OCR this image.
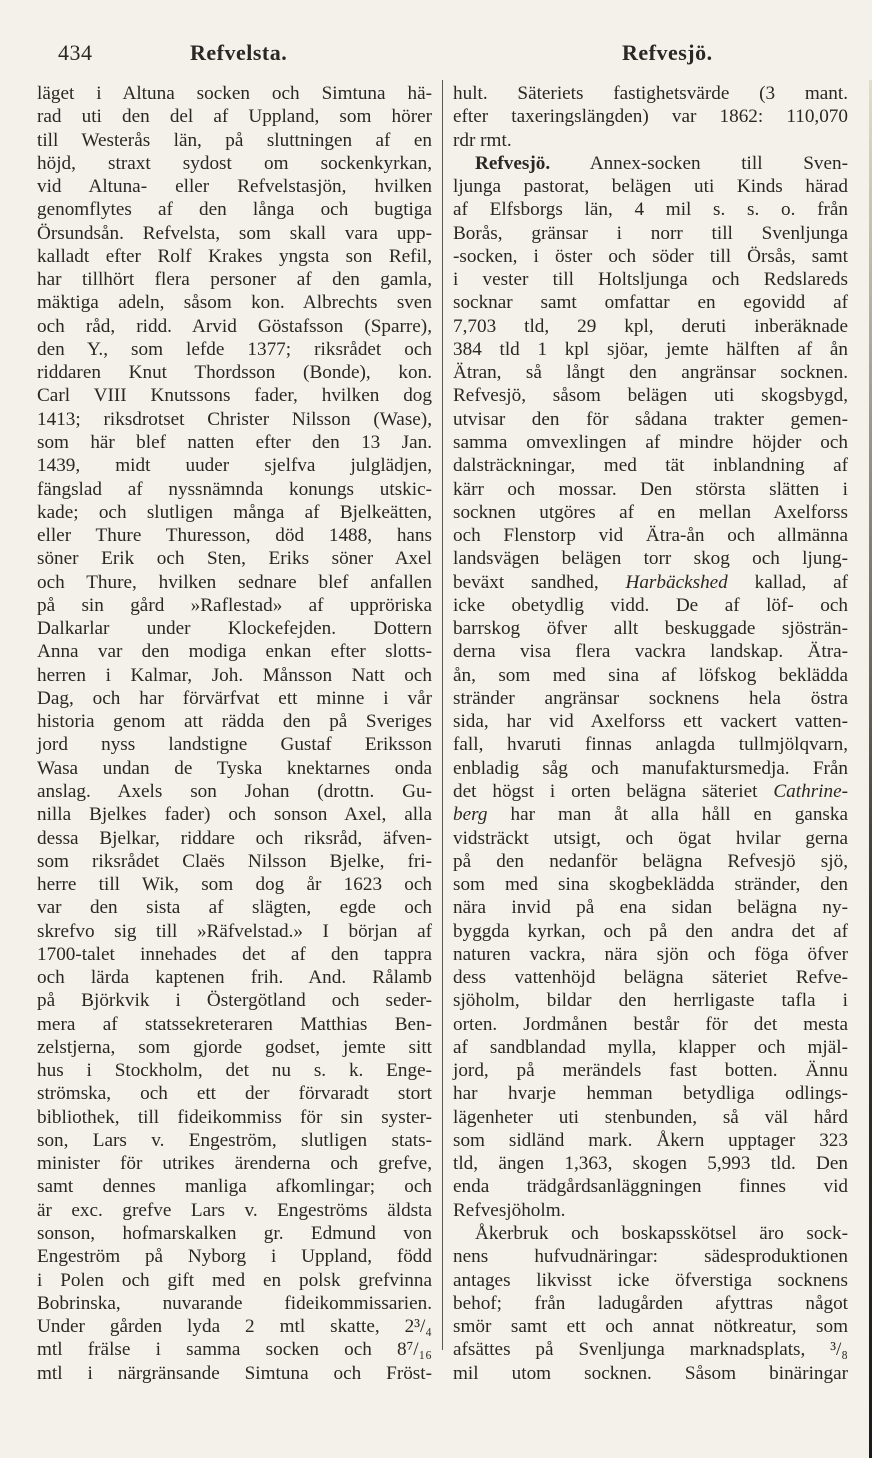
434	Refvelsta.	Refvesjö.
läget i Altuna socken och Simtuna hä-
rad uti den del af Uppland, som hörer
till Westerås län, på sluttningen af en
höjd, straxt sydost om sockenkyrkan,
vid Altuna- eller Refvelstasjön, hvilken
genomflytes af den långa och bugtiga
Örsundsån. Refvelsta, som skall vara upp-
kalladt efter Rolf Krakes yngsta son Refil,
har tillhört flera personer af den gamla,
mäktiga adeln, såsom kon. Albrechts sven
och råd, ridd. Arvid Göstafsson (Sparre),
den Y., som lefde 1377; riksrådet och
riddaren Knut Thordsson (Bonde), kon.
Carl VIII Knutssons fader, hvilken dog
1413; riksdrotset Christer Nilsson (Wase),
som här blef natten efter den 13 Jan.
1439, midt uuder sjelfva julglädjen,
fängslad af nyssnämnda konungs utskic-
kade; och slutligen många af Bjelkeätten,
eller Thure Thuresson, död 1488, hans
söner Erik och Sten, Eriks söner Axel
och Thure, hvilken sednare blef anfallen
på sin gård »Raflestad» af uppröriska
Dalkarlar under Klockefejden. Dottern
Anna var den modiga enkan efter slotts-
herren i Kalmar, Joh. Månsson Natt och
Dag, och har förvärfvat ett minne i vår
historia genom att rädda den på Sveriges
jord nyss landstigne Gustaf Eriksson
Wasa undan de Tyska knektarnes onda
anslag. Axels son Johan (drottn. Gu-
nilla Bjelkes fader) och sonson Axel, alla
dessa Bjelkar, riddare och riksråd, äfven-
som riksrådet Claës Nilsson Bjelke, fri-
herre till Wik, som dog år 1623 och
var den sista af slägten, egde och
skrefvo sig till »Räfvelstad.» I början af
1700-talet innehades det af den tappra
och lärda kaptenen frih. And. Rålamb
på Björkvik i Östergötland och seder-
mera af statssekreteraren Matthias Ben-
zelstjerna, som gjorde godset, jemte sitt
hus i Stockholm, det nu s. k. Enge-
strömska, och ett der förvaradt stort
bibliothek, till fideikommiss för sin syster-
son, Lars v. Engeström, slutligen stats-
minister för utrikes ärenderna och grefve,
samt dennes manliga afkomlingar; och
är exc. grefve Lars v. Engeströms äldsta
sonson, hofmarskalken gr. Edmund von
Engeström på Nyborg i Uppland, född
i Polen och gift med en polsk grefvinna
Bobrinska, nuvarande fideikommissarien.
Under gården lyda 2 mtl skatte, 2³/₄
mtl frälse i samma socken och 8⁷/₁₆
mtl i närgränsande Simtuna och Fröst-
hult. Säteriets fastighetsvärde (3 mant.
efter taxeringslängden) var 1862: 110,070
rdr rmt.
Refvesjö. Annex-socken till Sven-
ljunga pastorat, belägen uti Kinds härad
af Elfsborgs län, 4 mil s. s. o. från
Borås, gränsar i norr till Svenljunga
-socken, i öster och söder till Örsås, samt
i vester till Holtsljunga och Redslareds
socknar samt omfattar en egovidd af
7,703 tld, 29 kpl, deruti inberäknade
384 tld 1 kpl sjöar, jemte hälften af ån
Ätran, så långt den angränsar socknen.
Refvesjö, såsom belägen uti skogsbygd,
utvisar den för sådana trakter gemen-
samma omvexlingen af mindre höjder och
dalsträckningar, med tät inblandning af
kärr och mossar. Den största slätten i
socknen utgöres af en mellan Axelforss
och Flenstorp vid Ätra-ån och allmänna
landsvägen belägen torr skog och ljung-
beväxt sandhed, Harbäckshed kallad, af
icke obetydlig vidd. De af löf- och
barrskog öfver allt beskuggade sjösträn-
derna visa flera vackra landskap. Ätra-
ån, som med sina af löfskog beklädda
stränder angränsar socknens hela östra
sida, har vid Axelforss ett vackert vatten-
fall, hvaruti finnas anlagda tullmjölqvarn,
enbladig såg och manufaktursmedja. Från
det högst i orten belägna säteriet Cathrine-
berg har man åt alla håll en ganska
vidsträckt utsigt, och ögat hvilar gerna
på den nedanför belägna Refvesjö sjö,
som med sina skogbeklädda stränder, den
nära invid på ena sidan belägna ny-
byggda kyrkan, och på den andra det af
naturen vackra, nära sjön och föga öfver
dess vattenhöjd belägna säteriet Refve-
sjöholm, bildar den herrligaste tafla i
orten. Jordmånen består för det mesta
af sandblandad mylla, klapper och mjäl-
jord, på merändels fast botten. Ännu
har hvarje hemman betydliga odlings-
lägenheter uti stenbunden, så väl hård
som sidländ mark. Åkern upptager 323
tld, ängen 1,363, skogen 5,993 tld. Den
enda trädgårdsanläggningen finnes vid
Refvesjöholm.
Åkerbruk och boskapsskötsel äro sock-
nens hufvudnäringar: sädesproduktionen
antages likvisst icke öfverstiga socknens
behof; från ladugården afyttras något
smör samt ett och annat nötkreatur, som
afsättes på Svenljunga marknadsplats, ³/₈
mil utom socknen. Såsom binäringar
